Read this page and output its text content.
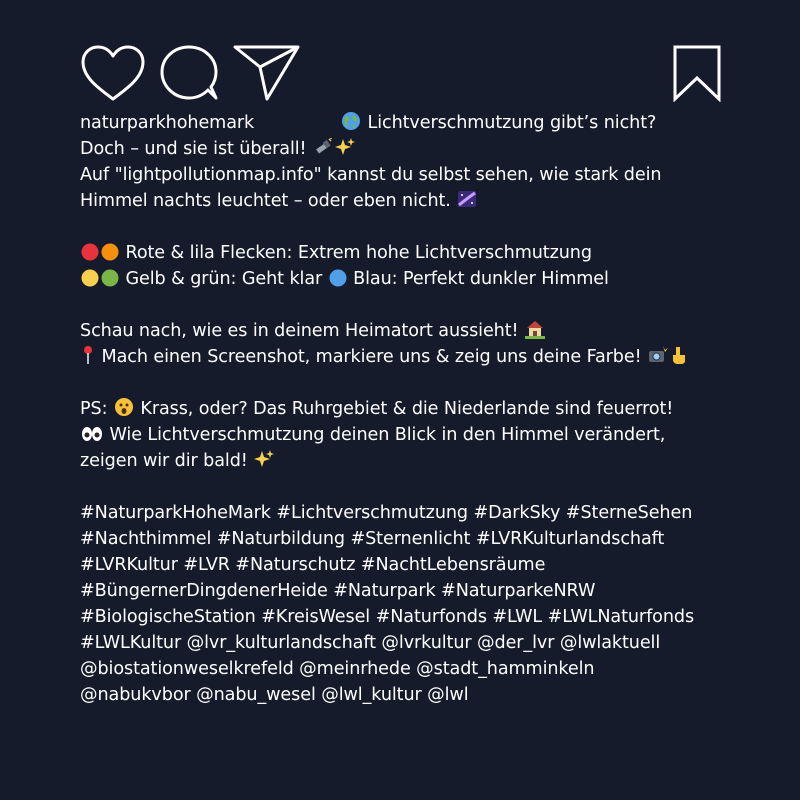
naturparkhohemark	Lichtverschmutzung gibt’s nicht?
Doch – und sie ist überall!
Auf "lightpollutionmap.info" kannst du selbst sehen, wie stark dein
Himmel nachts leuchtet – oder eben nicht.
Rote & lila Flecken: Extrem hohe Lichtverschmutzung
Gelb & grün: Geht klar Blau: Perfekt dunkler Himmel
Schau nach, wie es in deinem Heimatort aussieht!
Mach einen Screenshot, markiere uns & zeig uns deine Farbe!
PS: Krass, oder? Das Ruhrgebiet & die Niederlande sind feuerrot!
Wie Lichtverschmutzung deinen Blick in den Himmel verändert,
zeigen wir dir bald!
#NaturparkHoheMark #Lichtverschmutzung #DarkSky #SterneSehen
#Nachthimmel #Naturbildung #Sternenlicht #LVRKulturlandschaft
#LVRKultur #LVR #Naturschutz #NachtLebensräume
#BüngernerDingdenerHeide #Naturpark #NaturparkeNRW
#BiologischeStation #KreisWesel #Naturfonds #LWL #LWLNaturfonds
#LWLKultur @lvr_kulturlandschaft @lvrkultur @der_lvr @lwlaktuell
@biostationweselkrefeld @meinrhede @stadt_hamminkeln
@nabukvbor @nabu_wesel @lwl_kultur @lwl
